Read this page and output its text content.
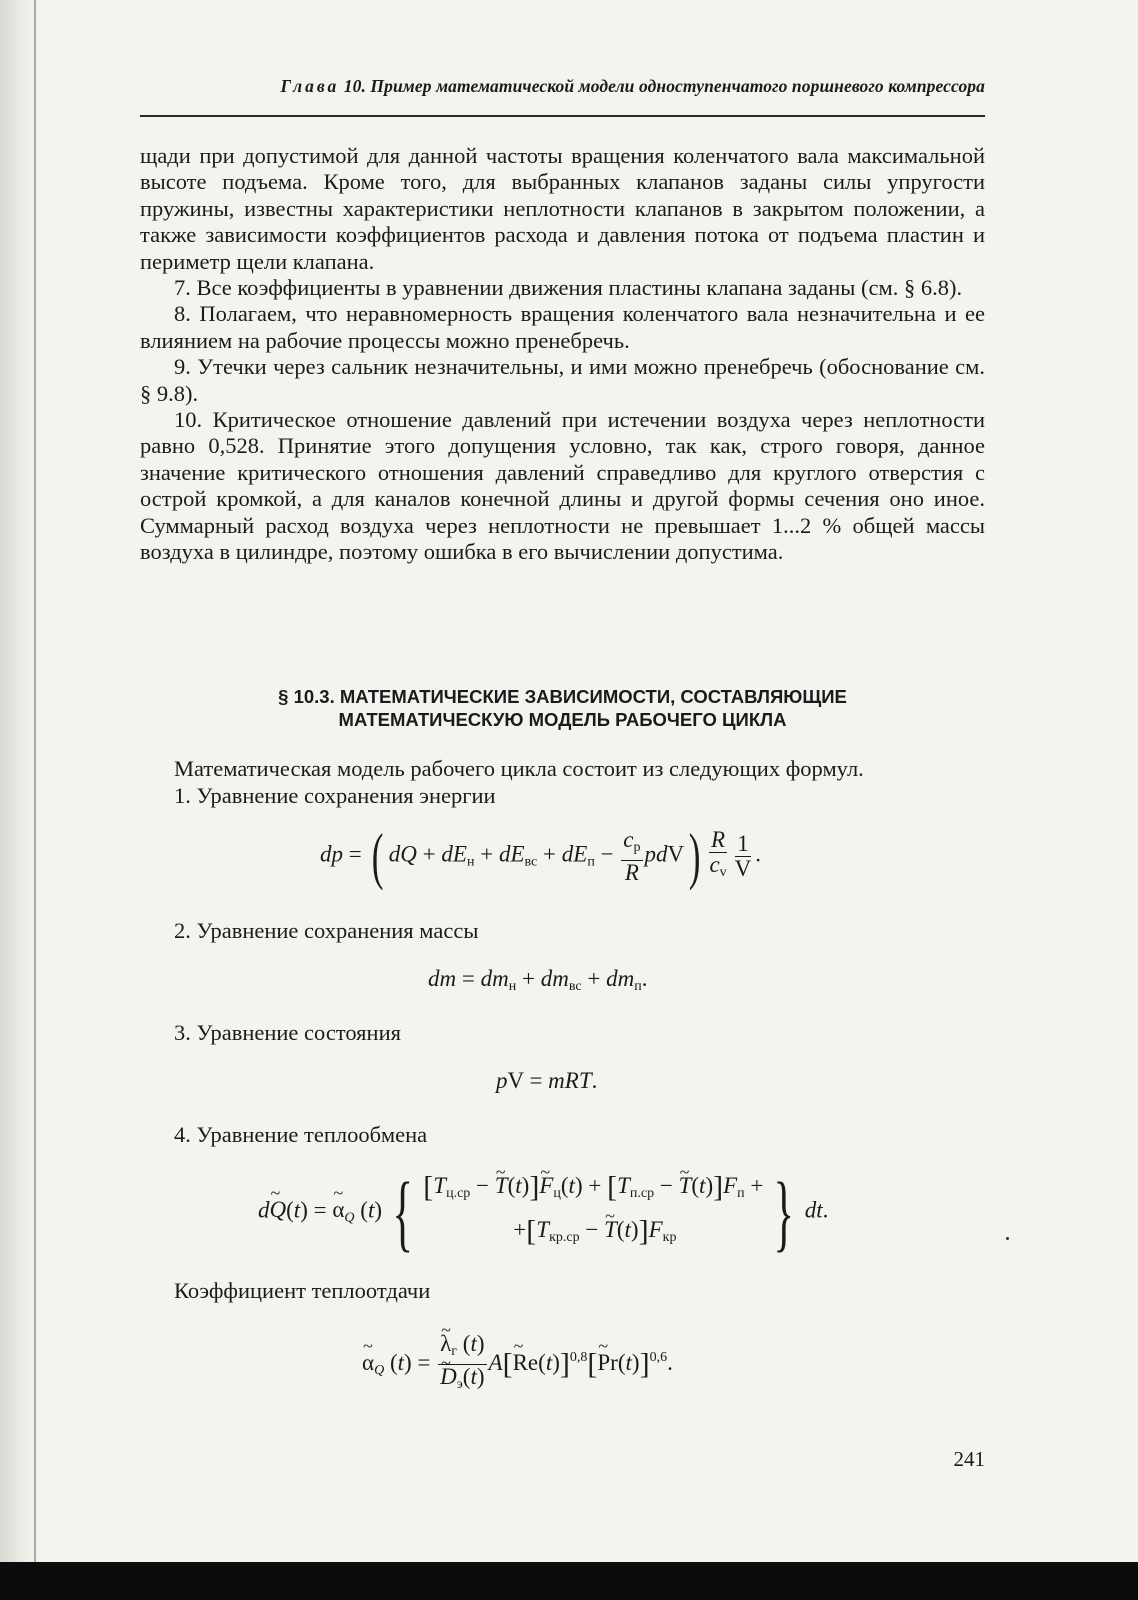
Глава 10. Пример математической модели одноступенчатого поршневого компрессора

щади при допустимой для данной частоты вращения коленчатого вала максимальной высоте подъема. Кроме того, для выбранных клапанов заданы силы упругости пружины, известны характеристики неплотности клапанов в закрытом положении, а также зависимости коэффициентов расхода и давления потока от подъема пластин и периметр щели клапана.

7. Все коэффициенты в уравнении движения пластины клапана заданы (см. § 6.8).

8. Полагаем, что неравномерность вращения коленчатого вала незначительна и ее влиянием на рабочие процессы можно пренебречь.

9. Утечки через сальник незначительны, и ими можно пренебречь (обоснование см. § 9.8).

10. Критическое отношение давлений при истечении воздуха через неплотности равно 0,528. Принятие этого допущения условно, так как, строго говоря, данное значение критического отношения давлений справедливо для круглого отверстия с острой кромкой, а для каналов конечной длины и другой формы сечения оно иное. Суммарный расход воздуха через неплотности не превышает 1...2 % общей массы воздуха в цилиндре, поэтому ошибка в его вычислении допустима.

§ 10.3. МАТЕМАТИЧЕСКИЕ ЗАВИСИМОСТИ, СОСТАВЛЯЮЩИЕ
МАТЕМАТИЧЕСКУЮ МОДЕЛЬ РАБОЧЕГО ЦИКЛА

Математическая модель рабочего цикла состоит из следующих формул.

1. Уравнение сохранения энергии

dp = ( dQ + $dE_н + dE_{вс} + dE_п - \frac{c_p}{R} pdV) \frac{R}{c_v} \frac{1}{V}$ .
2. Уравнение сохранения массы
dm = $dm_н + dm_{вс} + dm_п$.
3. Уравнение состояния
pV = mRT.
4. Уравнение теплообмена
d~ Q(t) = ~ $\alpha_Q$ (t) { [$T_{ц.ср}$ − ~ T(t)]~ $F_ц(t) + [T_{п.ср}$ − ~ $T(t)]F_п$ +
$+[T_{кр.ср}$ − ~ $T(t)]F_{кр}$	} dt.
Коэффициент теплоотдачи
~ $\alpha_Q$ (t) =
~ $\lambda_г$ (t)
~ $D_э(t)$ A[~ Re(t)]$^{0,8}$[~ Pr(t)]$^{0,6}$.
241
